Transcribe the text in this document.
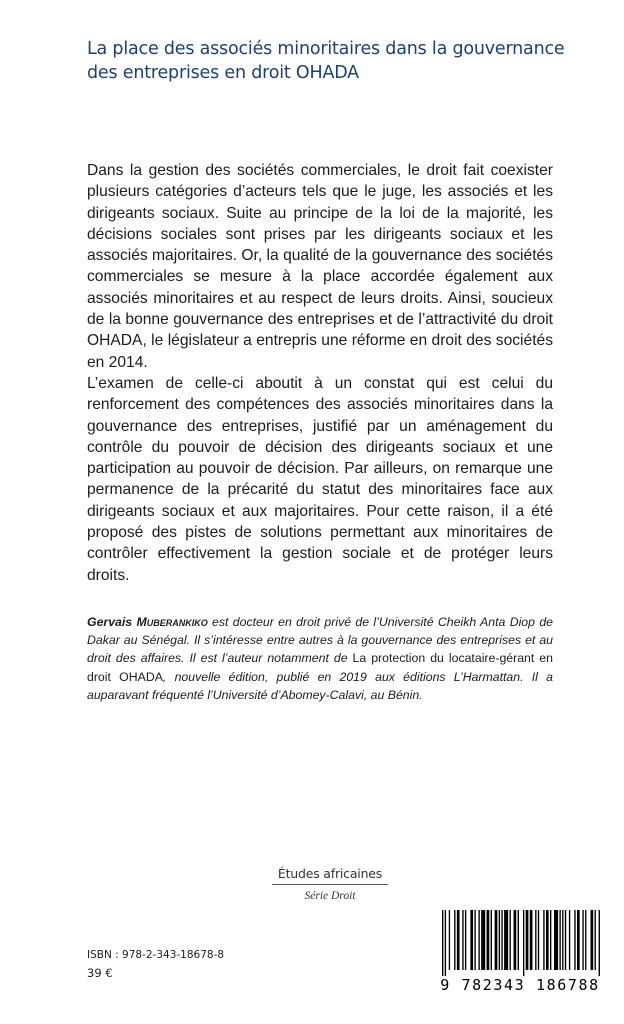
La place des associés minoritaires dans la gouvernance
des entreprises en droit OHADA

Dans la gestion des sociétés commerciales, le droit fait coexister plusieurs catégories d’acteurs tels que le juge, les associés et les dirigeants sociaux. Suite au principe de la loi de la majorité, les décisions sociales sont prises par les dirigeants sociaux et les associés majoritaires. Or, la qualité de la gouvernance des sociétés commerciales se mesure à la place accordée également aux associés minoritaires et au respect de leurs droits. Ainsi, soucieux de la bonne gouvernance des entreprises et de l’attractivité du droit OHADA, le législateur a entrepris une réforme en droit des sociétés en 2014.

L’examen de celle-ci aboutit à un constat qui est celui du renforcement des compétences des associés minoritaires dans la gouvernance des entreprises, justifié par un aménagement du contrôle du pouvoir de décision des dirigeants sociaux et une participation au pouvoir de décision. Par ailleurs, on remarque une permanence de la précarité du statut des minoritaires face aux dirigeants sociaux et aux majoritaires. Pour cette raison, il a été proposé des pistes de solutions permettant aux minoritaires de contrôler effectivement la gestion sociale et de protéger leurs droits.

Gervais Muberankiko est docteur en droit privé de l’Université Cheikh Anta Diop de Dakar au Sénégal. Il s’intéresse entre autres à la gouvernance des entreprises et au droit des affaires. Il est l’auteur notamment de La protection du locataire-gérant en droit OHADA, nouvelle édition, publié en 2019 aux éditions L’Harmattan. Il a auparavant fréquenté l’Université d’Abomey-Calavi, au Bénin.

Études africaines
Série Droit
ISBN : 978-2-343-18678-8
39 €
9 782343 186788
